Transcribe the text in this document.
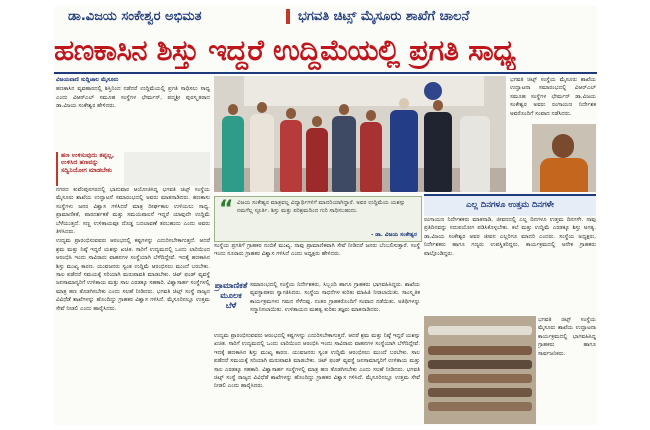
ಡಾ.ವಿಜಯ ಸಂಕೇಶ್ವರ ಅಭಿಮತ	ಭಗವತಿ ಚಿಟ್ಸ್ ಮೈಸೂರು ಶಾಖೆಗೆ ಚಾಲನೆ
ಹಣಕಾಸಿನ ಶಿಸ್ತು ಇದ್ದರೆ ಉದ್ದಿಮೆಯಲ್ಲಿ ಪ್ರಗತಿ ಸಾಧ್ಯ

ವಿಜಯವಾಣಿ ಸುದ್ದಿಜಾಲ ಮೈಸೂರು

ಹಣಕಾಸಿನ ವ್ಯವಹಾರದಲ್ಲಿ ಶಿಸ್ತಿನಿಂದ ನಡೆದರೆ ಉದ್ದಿಮೆಯಲ್ಲಿ ಪ್ರಗತಿ ಸಾಧಿಸಲು ಸಾಧ್ಯ ಎಂದು ವಿಆರ್‌ಎಲ್ ಸಮೂಹ ಸಂಸ್ಥೆಗಳ ಛೇರ್ಮನ್, ಪದ್ಮಶ್ರೀ ಪುರಸ್ಕೃತರಾದ ಡಾ.ವಿಜಯ ಸಂಕೇಶ್ವರ ಹೇಳಿದರು.

ಹಣ ಉಳಿಸುವುದು ತಪ್ಪಲ್ಲ, ಉಳಿಸಿದ ಹಣವನ್ನು ಸದ್ವಿನಿಯೋಗ ಮಾಡಬೇಕು

ನಗರದ ಕುವೆಂಪುನಗರದಲ್ಲಿ ಭಾನುವಾರ ಆಯೋಜಿಸಿದ್ದ ಭಗವತಿ ಚಿಟ್ಸ್ ಸಂಸ್ಥೆಯ ಮೈಸೂರು ಶಾಖೆಯ ಉದ್ಘಾಟನೆ ಸಮಾರಂಭದಲ್ಲಿ ಅವರು ಮಾತನಾಡಿದರು. ಹಣಕಾಸು ಸಂಸ್ಥೆಗಳು ಜನರ ವಿಶ್ವಾಸ ಗಳಿಸಿದರೆ ಮಾತ್ರ ದೀರ್ಘಕಾಲ ಉಳಿಯಲು ಸಾಧ್ಯ. ಪ್ರಾಮಾಣಿಕತೆ, ಪಾರದರ್ಶಕತೆ ಮತ್ತು ಸಮಯಪಾಲನೆ ಇದ್ದರೆ ಯಾವುದೇ ಉದ್ದಿಮೆ ಬೆಳೆಯುತ್ತದೆ. ಸಣ್ಣ ಉಳಿತಾಯವೂ ದೊಡ್ಡ ಬದಲಾವಣೆ ತರಬಹುದು ಎಂದು ಅವರು ತಿಳಿಸಿದರು.

ಉದ್ಯಮ ಪ್ರಾರಂಭಿಸುವವರು ಆರಂಭದಲ್ಲಿ ಕಷ್ಟಗಳನ್ನು ಎದುರಿಸಬೇಕಾಗುತ್ತದೆ. ಆದರೆ ಶ್ರಮ ಮತ್ತು ನಿಷ್ಠೆ ಇದ್ದರೆ ಯಶಸ್ಸು ಖಚಿತ. ಸಾರಿಗೆ ಉದ್ಯಮದಲ್ಲಿ ಒಂದು ಲಾರಿಯಿಂದ ಆರಂಭಿಸಿ ಇಂದು ಸಾವಿರಾರು ವಾಹನಗಳ ಸಂಸ್ಥೆಯಾಗಿ ಬೆಳೆದಿದ್ದೇವೆ. ಇದಕ್ಕೆ ಹಣಕಾಸಿನ ಶಿಸ್ತು ಮುಖ್ಯ ಕಾರಣ. ಯುವಜನರು ಸ್ವಂತ ಉದ್ದಿಮೆ ಆರಂಭಿಸಲು ಮುಂದೆ ಬರಬೇಕು. ಸಾಲ ಪಡೆದರೆ ಸಮಯಕ್ಕೆ ಸರಿಯಾಗಿ ಮರುಪಾವತಿ ಮಾಡಬೇಕು. ಚಿಟ್ ಫಂಡ್ ವ್ಯವಸ್ಥೆ ಜನಸಾಮಾನ್ಯರಿಗೆ ಉಳಿತಾಯ ಮತ್ತು ಸಾಲ ಎರಡಕ್ಕೂ ಸಹಕಾರಿ. ವಿಶ್ವಾಸಾರ್ಹ ಸಂಸ್ಥೆಗಳಲ್ಲಿ ಮಾತ್ರ ಹಣ ತೊಡಗಿಸಬೇಕು ಎಂದು ಸಲಹೆ ನೀಡಿದರು. ಭಗವತಿ ಚಿಟ್ಸ್ ಸಂಸ್ಥೆ ರಾಜ್ಯದ ವಿವಿಧೆಡೆ ಶಾಖೆಗಳನ್ನು ಹೊಂದಿದ್ದು ಗ್ರಾಹಕರ ವಿಶ್ವಾಸ ಗಳಿಸಿದೆ. ಮೈಸೂರಿನಲ್ಲೂ ಉತ್ತಮ ಸೇವೆ ನೀಡಲಿ ಎಂದು ಹಾರೈಸಿದರು.

ಭಗವತಿ ಚಿಟ್ಸ್ ಸಂಸ್ಥೆಯ ಮೈಸೂರು ಶಾಖೆಯ ಉದ್ಘಾಟನಾ ಸಮಾರಂಭದಲ್ಲಿ ವಿಆರ್‌ಎಲ್ ಸಮೂಹ ಸಂಸ್ಥೆಗಳ ಛೇರ್ಮನ್ ಡಾ.ವಿಜಯ ಸಂಕೇಶ್ವರ ಅವರು ರಂಗಾಯಣ ನಿರ್ದೇಶಕ ಅವರೊಂದಿಗೆ ಸಂವಾದ ನಡೆಸಿದರು.

“ ವಿಜಯ ಸಂಕೇಶ್ವರ ಮಾತ್ರವಲ್ಲ ವಿದ್ಯಾರ್ಥಿಗಳಿಗೆ ಮಾದರಿಯಾಗಿದ್ದಾರೆ. ಅವರ ಉದ್ದಿಮೆಯ ಯಶಸ್ಸು ನಮಗೆಲ್ಲ ಸ್ಫೂರ್ತಿ. ಶಿಸ್ತು ಮತ್ತು ಪರಿಶ್ರಮದಿಂದ ಗುರಿ ಸಾಧಿಸಬಹುದು.
- ಡಾ. ವಿಜಯ ಸಂಕೇಶ್ವರ

ಸಂಸ್ಥೆಯ ಪ್ರಗತಿಗೆ ಗ್ರಾಹಕರ ನಂಬಿಕೆ ಮುಖ್ಯ. ನಾವು ಪ್ರಾಮಾಣಿಕವಾಗಿ ಸೇವೆ ನೀಡಿದರೆ ಜನರು ಬೆಂಬಲಿಸುತ್ತಾರೆ. ಸಂಸ್ಥೆ ಇಂದು ನೂರಾರು ಗ್ರಾಹಕರ ವಿಶ್ವಾಸ ಗಳಿಸಿದೆ ಎಂದು ಅಧ್ಯಕ್ಷರು ಹೇಳಿದರು.

ಪ್ರಾಮಾಣಿಕತೆ ಮೂಲಕ ಬೆಳೆ

ಸಮಾರಂಭದಲ್ಲಿ ಸಂಸ್ಥೆಯ ನಿರ್ದೇಶಕರು, ಸಿಬ್ಬಂದಿ ಹಾಗೂ ಗ್ರಾಹಕರು ಭಾಗವಹಿಸಿದ್ದರು. ಶಾಖೆಯ ವ್ಯವಸ್ಥಾಪಕರು ಸ್ವಾಗತಿಸಿದರು. ಸಂಸ್ಥೆಯ ಸಾಧನೆಗಳ ಕುರಿತು ಮಾಹಿತಿ ನೀಡಲಾಯಿತು. ಸಾಂಸ್ಕೃತಿಕ ಕಾರ್ಯಕ್ರಮಗಳು ಗಮನ ಸೆಳೆದವು. ನಂತರ ಗ್ರಾಹಕರೊಂದಿಗೆ ಸಂವಾದ ನಡೆಯಿತು. ಅತಿಥಿಗಳನ್ನು ಸನ್ಮಾನಿಸಲಾಯಿತು. ಉಳಿತಾಯದ ಮಹತ್ವ ಕುರಿತು ತಜ್ಞರು ಮಾತನಾಡಿದರು.

ಉದ್ಯಮ ಪ್ರಾರಂಭಿಸುವವರು ಆರಂಭದಲ್ಲಿ ಕಷ್ಟಗಳನ್ನು ಎದುರಿಸಬೇಕಾಗುತ್ತದೆ. ಆದರೆ ಶ್ರಮ ಮತ್ತು ನಿಷ್ಠೆ ಇದ್ದರೆ ಯಶಸ್ಸು ಖಚಿತ. ಸಾರಿಗೆ ಉದ್ಯಮದಲ್ಲಿ ಒಂದು ಲಾರಿಯಿಂದ ಆರಂಭಿಸಿ ಇಂದು ಸಾವಿರಾರು ವಾಹನಗಳ ಸಂಸ್ಥೆಯಾಗಿ ಬೆಳೆದಿದ್ದೇವೆ. ಇದಕ್ಕೆ ಹಣಕಾಸಿನ ಶಿಸ್ತು ಮುಖ್ಯ ಕಾರಣ. ಯುವಜನರು ಸ್ವಂತ ಉದ್ದಿಮೆ ಆರಂಭಿಸಲು ಮುಂದೆ ಬರಬೇಕು. ಸಾಲ ಪಡೆದರೆ ಸಮಯಕ್ಕೆ ಸರಿಯಾಗಿ ಮರುಪಾವತಿ ಮಾಡಬೇಕು. ಚಿಟ್ ಫಂಡ್ ವ್ಯವಸ್ಥೆ ಜನಸಾಮಾನ್ಯರಿಗೆ ಉಳಿತಾಯ ಮತ್ತು ಸಾಲ ಎರಡಕ್ಕೂ ಸಹಕಾರಿ. ವಿಶ್ವಾಸಾರ್ಹ ಸಂಸ್ಥೆಗಳಲ್ಲಿ ಮಾತ್ರ ಹಣ ತೊಡಗಿಸಬೇಕು ಎಂದು ಸಲಹೆ ನೀಡಿದರು. ಭಗವತಿ ಚಿಟ್ಸ್ ಸಂಸ್ಥೆ ರಾಜ್ಯದ ವಿವಿಧೆಡೆ ಶಾಖೆಗಳನ್ನು ಹೊಂದಿದ್ದು ಗ್ರಾಹಕರ ವಿಶ್ವಾಸ ಗಳಿಸಿದೆ. ಮೈಸೂರಿನಲ್ಲೂ ಉತ್ತಮ ಸೇವೆ ನೀಡಲಿ ಎಂದು ಹಾರೈಸಿದರು.

ಎಲ್ಲ ದಿನಗಳೂ ಉತ್ತಮ ದಿನಗಳೇ

ರಂಗಾಯಣ ನಿರ್ದೇಶಕರು ಮಾತನಾಡಿ, ಜೀವನದಲ್ಲಿ ಎಲ್ಲ ದಿನಗಳೂ ಉತ್ತಮ ದಿನಗಳೇ. ನಾವು ಪ್ರತಿದಿನವನ್ನು ಸದುಪಯೋಗ ಪಡಿಸಿಕೊಳ್ಳಬೇಕು. ಕಲೆ ಮತ್ತು ಉದ್ದಿಮೆ ಎರಡಕ್ಕೂ ಶಿಸ್ತು ಅಗತ್ಯ. ಡಾ.ವಿಜಯ ಸಂಕೇಶ್ವರ ಅವರ ಜೀವನ ಎಲ್ಲರಿಗೂ ಮಾದರಿ ಎಂದರು. ಸಂಸ್ಥೆಯ ಅಧ್ಯಕ್ಷರು, ನಿರ್ದೇಶಕರು ಹಾಗೂ ಗಣ್ಯರು ಉಪಸ್ಥಿತರಿದ್ದರು. ಕಾರ್ಯಕ್ರಮದಲ್ಲಿ ಅನೇಕ ಗ್ರಾಹಕರು ಪಾಲ್ಗೊಂಡಿದ್ದರು.

ಭಗವತಿ ಚಿಟ್ಸ್ ಸಂಸ್ಥೆಯ ಮೈಸೂರು ಶಾಖೆಯ ಉದ್ಘಾಟನಾ ಕಾರ್ಯಕ್ರಮದಲ್ಲಿ ಭಾಗವಹಿಸಿದ್ದ ಗ್ರಾಹಕರು ಹಾಗೂ ಸಾರ್ವಜನಿಕರು.
